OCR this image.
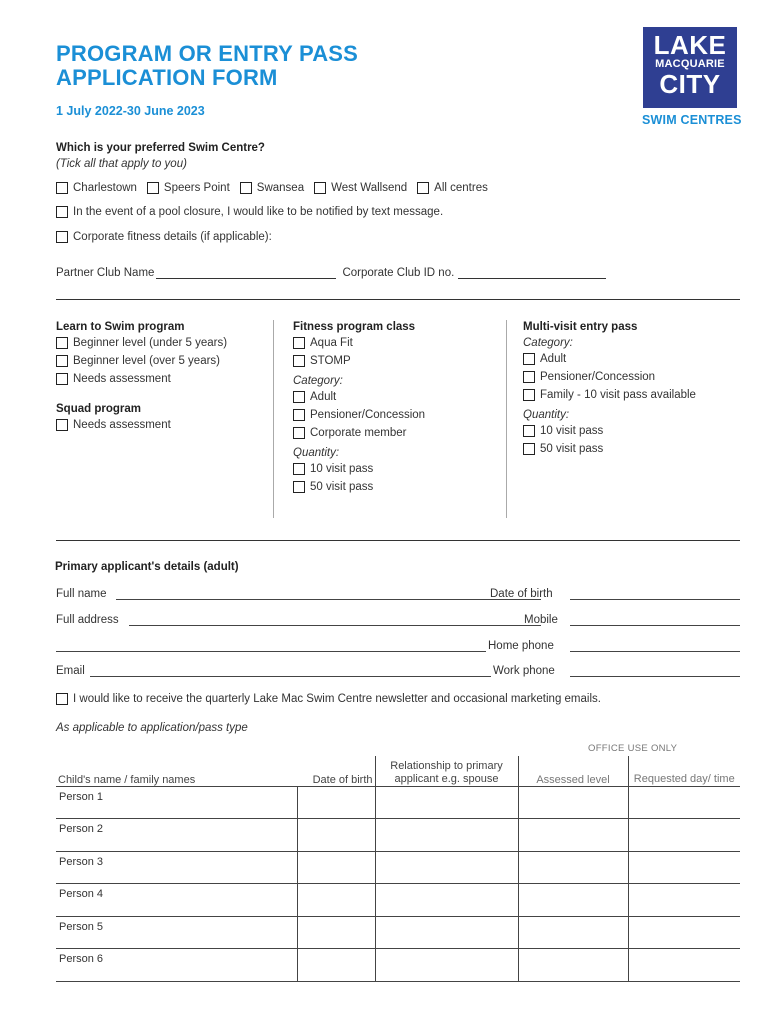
PROGRAM OR ENTRY PASS
APPLICATION FORM
1 July 2022-30 June 2023
LAKE
MACQUARIE
CITY
SWIM CENTRES
Which is your preferred Swim Centre?
(Tick all that apply to you)
Charlestown Speers Point Swansea West Wallsend All centres
In the event of a pool closure, I would like to be notified by text message.
Corporate fitness details (if applicable):
Partner Club Name	Corporate Club ID no.
Learn to Swim program
Beginner level (under 5 years)
Beginner level (over 5 years)
Needs assessment
Squad program
Needs assessment
Fitness program class
Aqua Fit
STOMP
Category:
Adult
Pensioner/Concession
Corporate member
Quantity:
10 visit pass
50 visit pass
Multi-visit entry pass
Category:
Adult
Pensioner/Concession
Family - 10 visit pass available
Quantity:
10 visit pass
50 visit pass
Primary applicant's details (adult)
Full name	Date of birth
Full address	Mobile
Home phone
Email	Work phone
I would like to receive the quarterly Lake Mac Swim Centre newsletter and occasional marketing emails.
As applicable to application/pass type
OFFICE USE ONLY
Child's name / family names	Date of birth	Relationship to primary applicant e.g. spouse	Assessed level	Requested day/ time
Person 1				
Person 2				
Person 3				
Person 4				
Person 5				
Person 6				
